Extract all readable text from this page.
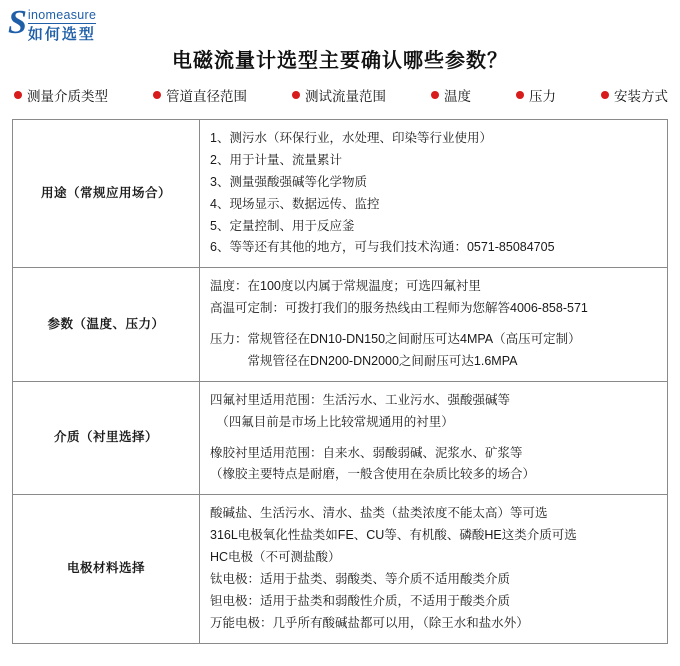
S inomeasure
如何选型
电磁流量计选型主要确认哪些参数？
测量介质类型	管道直径范围	测试流量范围	温度	压力	安装方式
用途（常规应用场合）	
1、测污水（环保行业，水处理、印染等行业使用）
2、用于计量、流量累计
3、测量强酸强碱等化学物质
4、现场显示、数据远传、监控
5、定量控制、用于反应釜
6、等等还有其他的地方，可与我们技术沟通：0571-85084705

参数（温度、压力）	温度：在100度以内属于常规温度；可选四氟衬里
高温可定制：可拨打我们的服务热线由工程师为您解答4006-858-571
压力：常规管径在DN10-DN150之间耐压可达4MPA（高压可定制）
　　　常规管径在DN200-DN2000之间耐压可达1.6MPA

介质（衬里选择）	四氟衬里适用范围：生活污水、工业污水、强酸强碱等
　（四氟目前是市场上比较常规通用的衬里）
橡胶衬里适用范围：自来水、弱酸弱碱、泥浆水、矿浆等
（橡胶主要特点是耐磨，一般含使用在杂质比较多的场合）

电极材料选择	
酸碱盐、生活污水、清水、盐类（盐类浓度不能太高）等可选
316L电极氧化性盐类如FE、CU等、有机酸、磷酸НЕ这类介质可选
HC电极（不可测盐酸）
钛电极：适用于盐类、弱酸类、等介质不适用酸类介质
钽电极：适用于盐类和弱酸性介质，不适用于酸类介质
万能电极：几乎所有酸碱盐都可以用，（除王水和盐水外）
